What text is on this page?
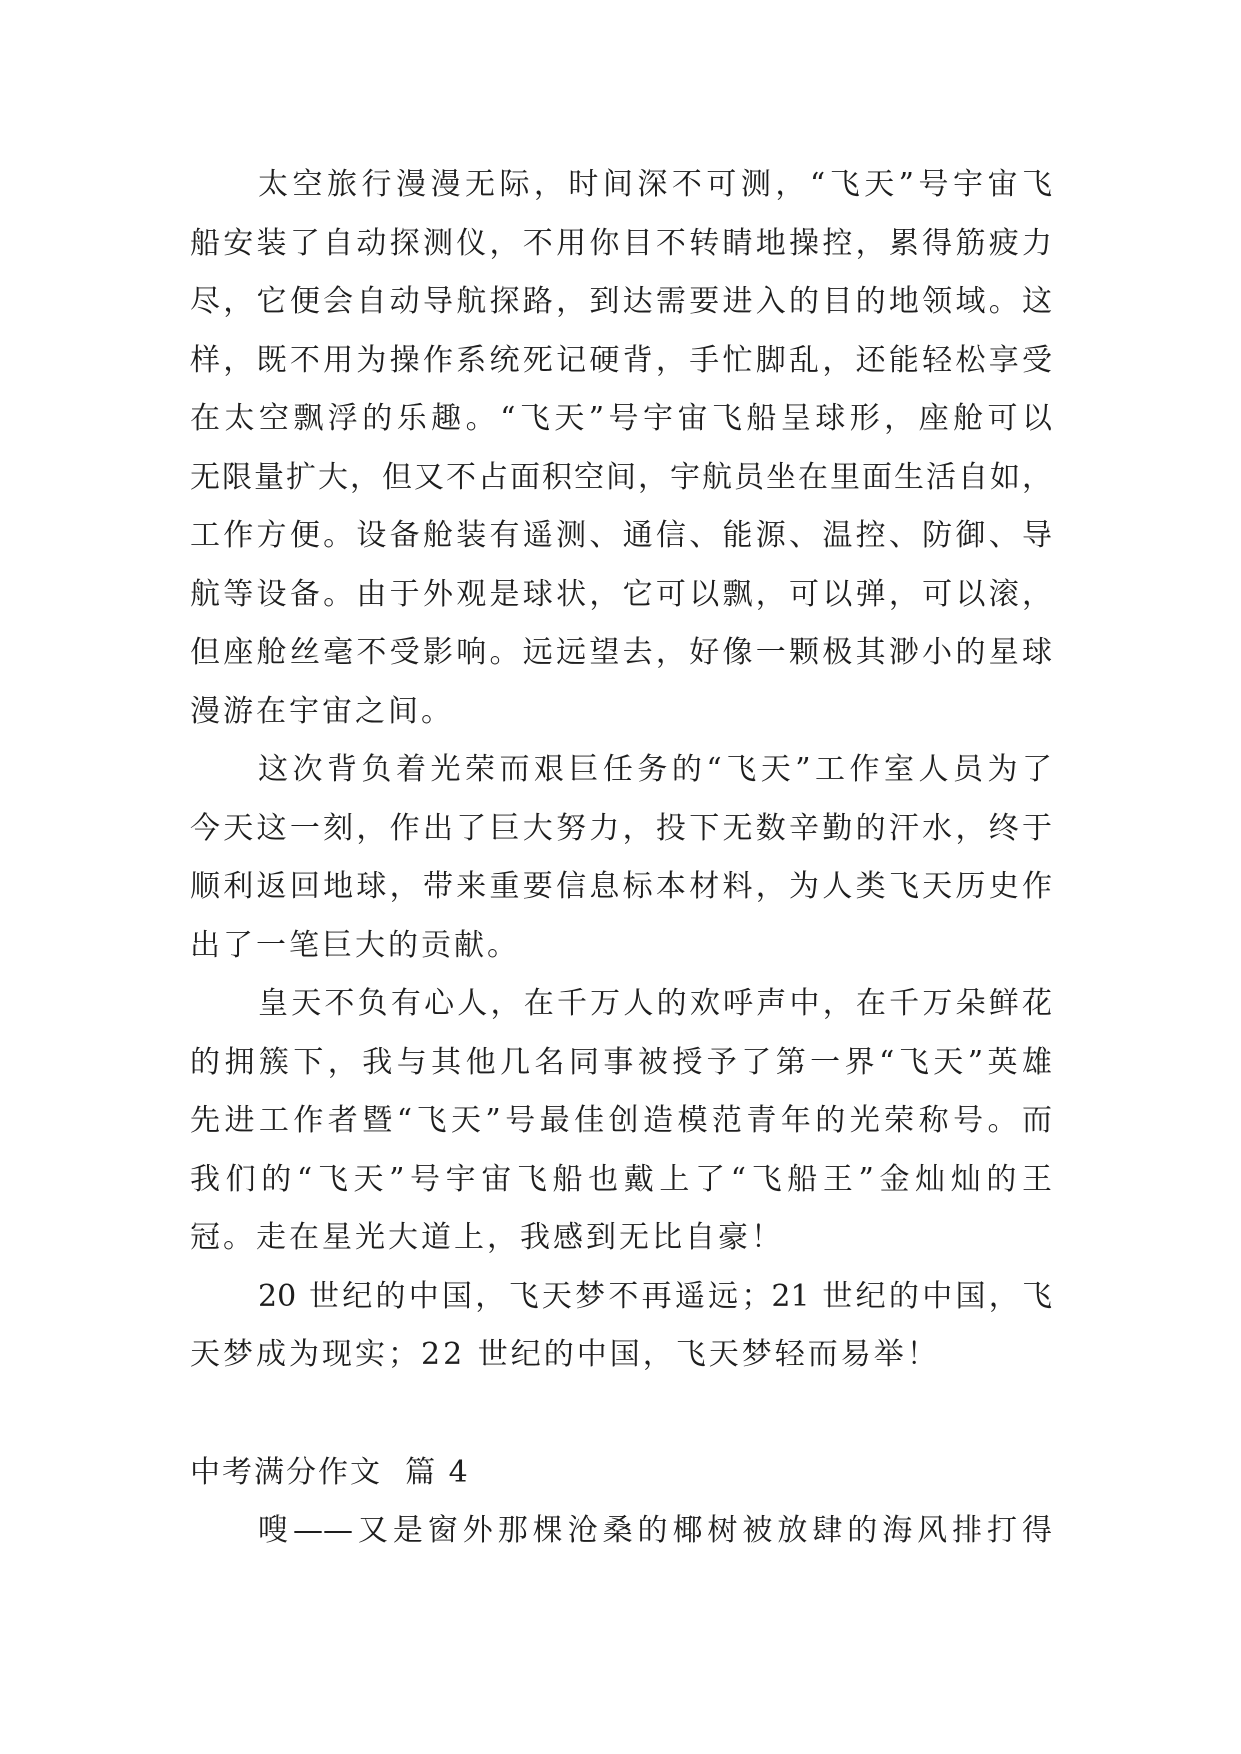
太空旅行漫漫无际，时间深不可测，“飞天”号宇宙飞
船安装了自动探测仪，不用你目不转睛地操控，累得筋疲力
尽，它便会自动导航探路，到达需要进入的目的地领域。这
样，既不用为操作系统死记硬背，手忙脚乱，还能轻松享受
在太空飘浮的乐趣。“飞天”号宇宙飞船呈球形，座舱可以
无限量扩大，但又不占面积空间，宇航员坐在里面生活自如，
工作方便。设备舱装有遥测、通信、能源、温控、防御、导
航等设备。由于外观是球状，它可以飘，可以弹，可以滚，
但座舱丝毫不受影响。远远望去，好像一颗极其渺小的星球
漫游在宇宙之间。
这次背负着光荣而艰巨任务的“飞天”工作室人员为了
今天这一刻，作出了巨大努力，投下无数辛勤的汗水，终于
顺利返回地球，带来重要信息标本材料，为人类飞天历史作
出了一笔巨大的贡献。
皇天不负有心人，在千万人的欢呼声中，在千万朵鲜花
的拥簇下，我与其他几名同事被授予了第一界“飞天”英雄
先进工作者暨“飞天”号最佳创造模范青年的光荣称号。而
我们的“飞天”号宇宙飞船也戴上了“飞船王”金灿灿的王
冠。走在星光大道上，我感到无比自豪！
20 世纪的中国，飞天梦不再遥远；21 世纪的中国，飞
天梦成为现实；22 世纪的中国，飞天梦轻而易举！
中考满分作文  篇 4
嗖——又是窗外那棵沧桑的椰树被放肆的海风排打得
